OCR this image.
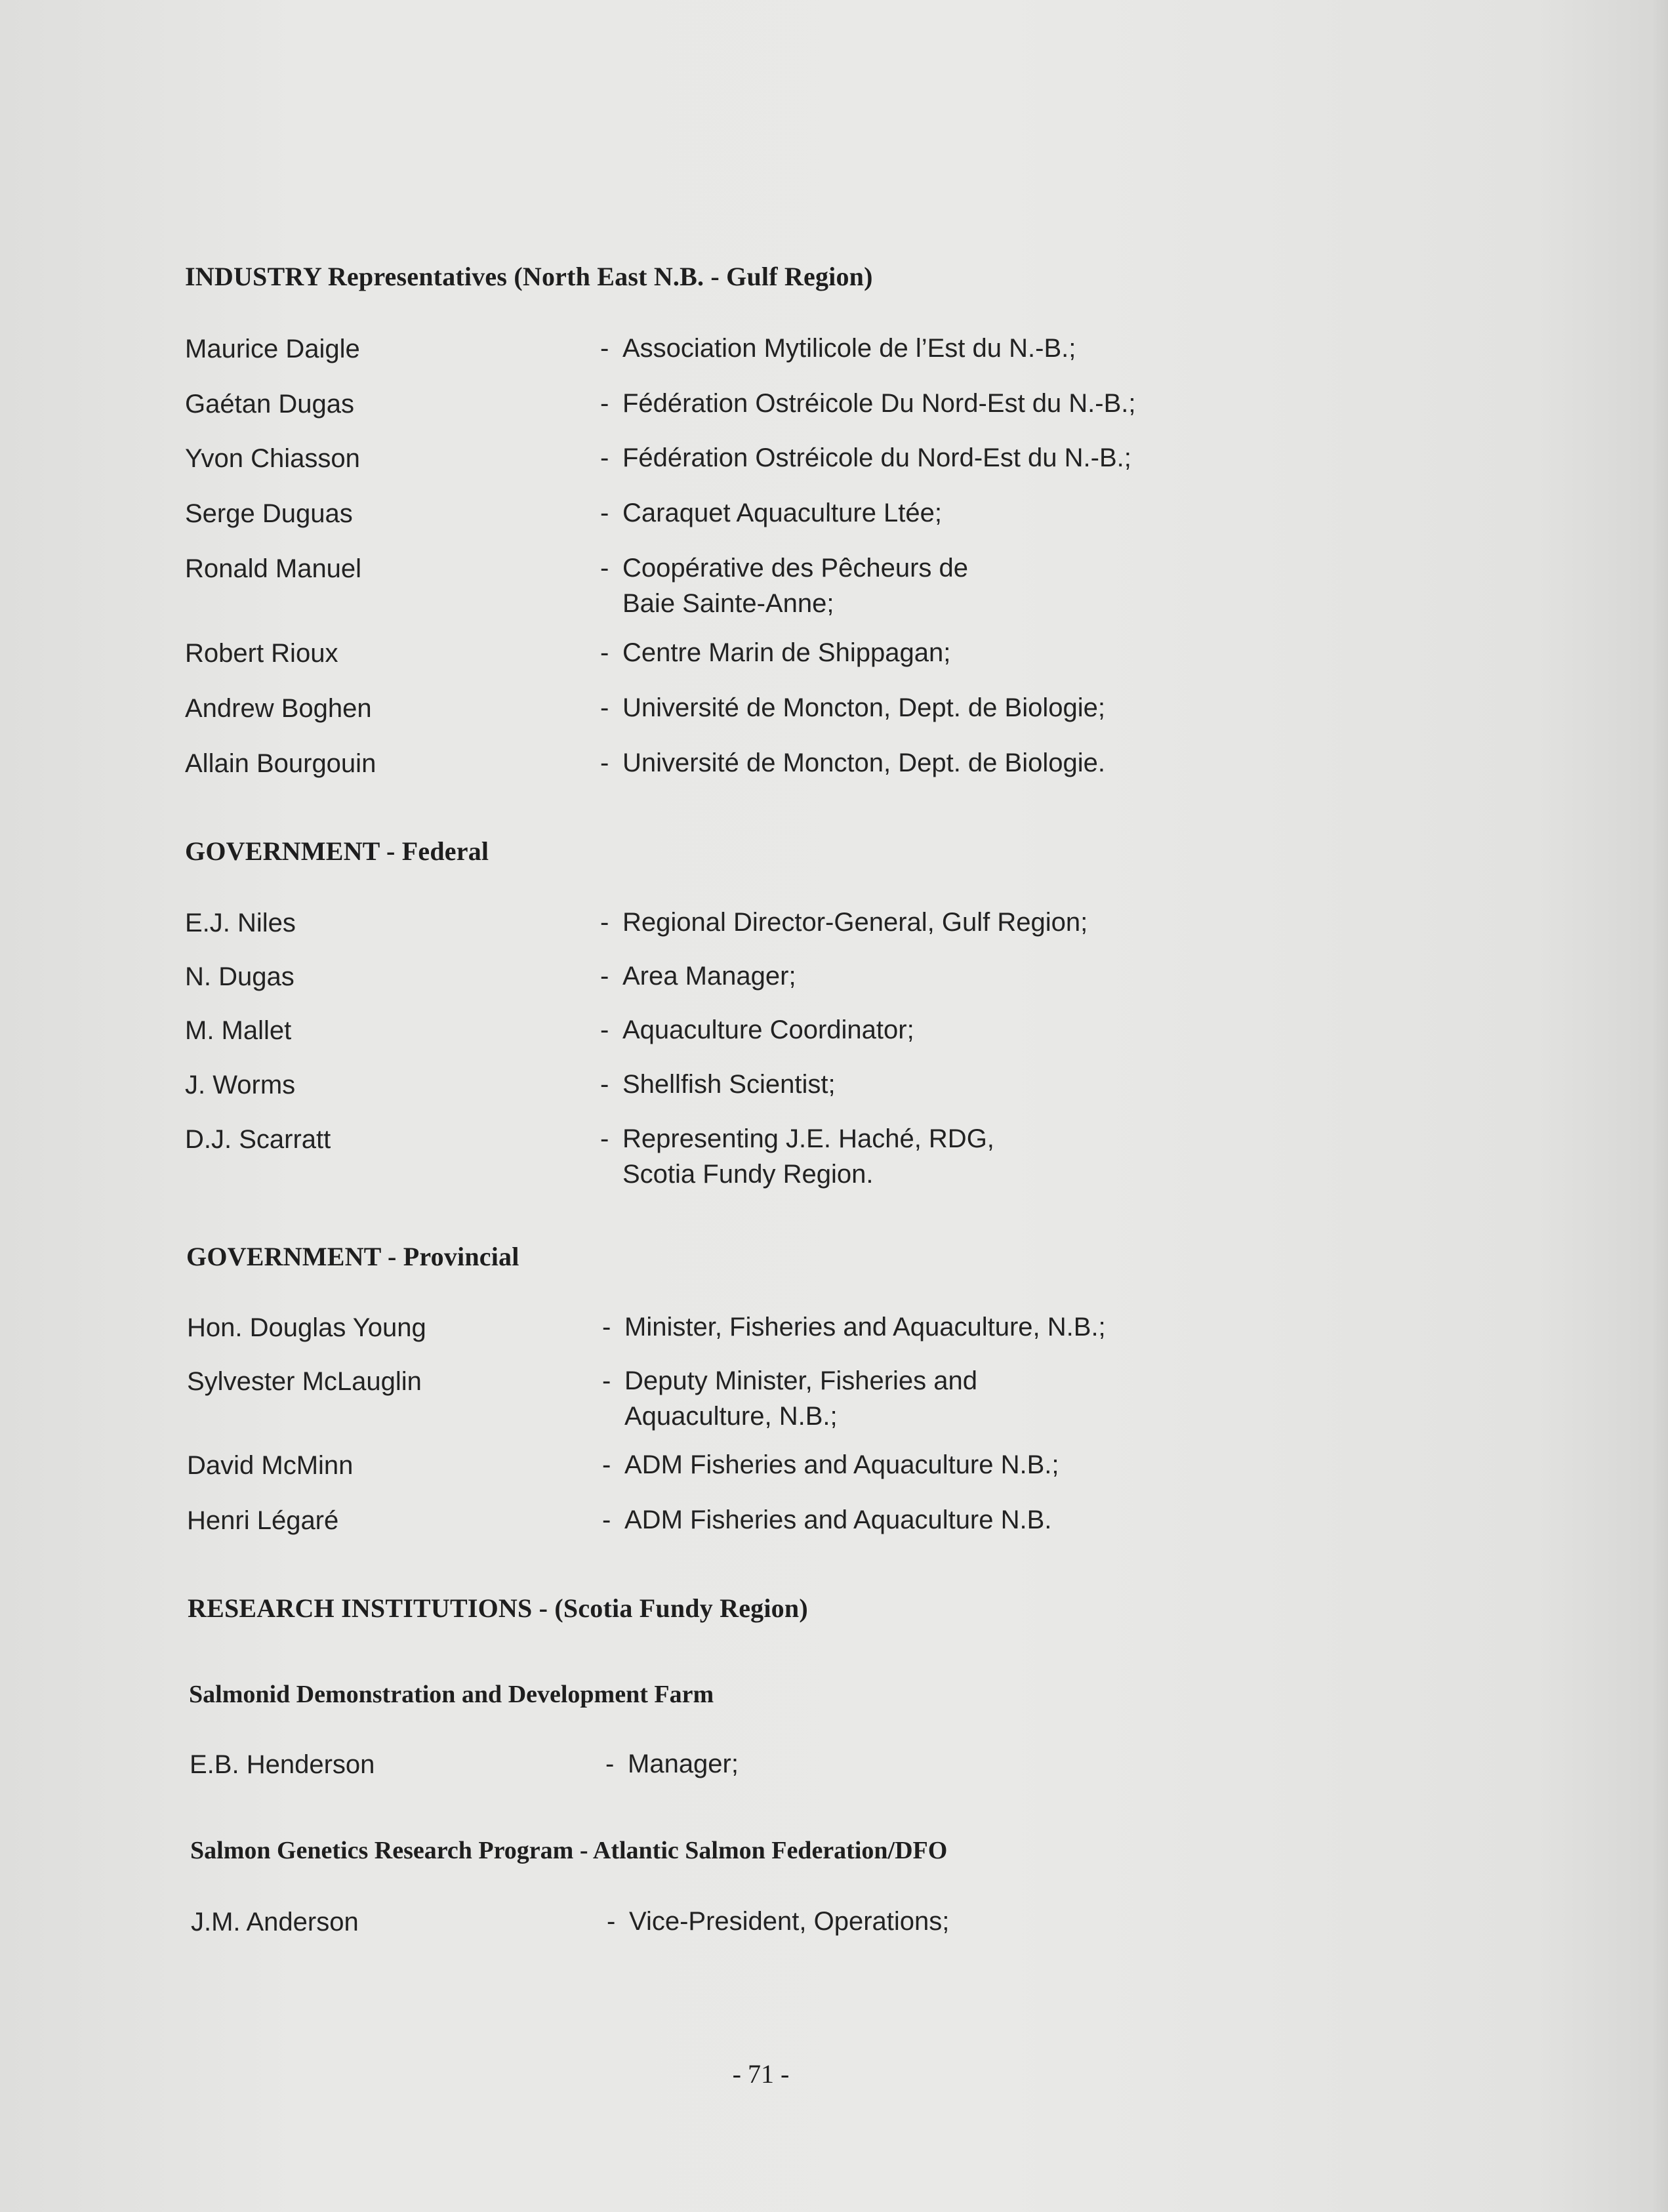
INDUSTRY Representatives (North East N.B. - Gulf Region)
Maurice Daigle	- Association Mytilicole de l’Est du N.-B.;
Gaétan Dugas	- Fédération Ostréicole Du Nord-Est du N.-B.;
Yvon Chiasson	- Fédération Ostréicole du Nord-Est du N.-B.;
Serge Duguas	- Caraquet Aquaculture Ltée;
Ronald Manuel	- Coopérative des Pêcheurs de
Baie Sainte-Anne;
Robert Rioux	- Centre Marin de Shippagan;
Andrew Boghen	- Université de Moncton, Dept. de Biologie;
Allain Bourgouin	- Université de Moncton, Dept. de Biologie.
GOVERNMENT - Federal
E.J. Niles	- Regional Director-General, Gulf Region;
N. Dugas	- Area Manager;
M. Mallet	- Aquaculture Coordinator;
J. Worms	- Shellfish Scientist;
D.J. Scarratt	- Representing J.E. Haché, RDG,
Scotia Fundy Region.
GOVERNMENT - Provincial
Hon. Douglas Young	- Minister, Fisheries and Aquaculture, N.B.;
Sylvester McLauglin	- Deputy Minister, Fisheries and
Aquaculture, N.B.;
David McMinn	- ADM Fisheries and Aquaculture N.B.;
Henri Légaré	- ADM Fisheries and Aquaculture N.B.
RESEARCH INSTITUTIONS - (Scotia Fundy Region)
Salmonid Demonstration and Development Farm
E.B. Henderson	- Manager;
Salmon Genetics Research Program - Atlantic Salmon Federation/DFO
J.M. Anderson	- Vice-President, Operations;
- 71 -
